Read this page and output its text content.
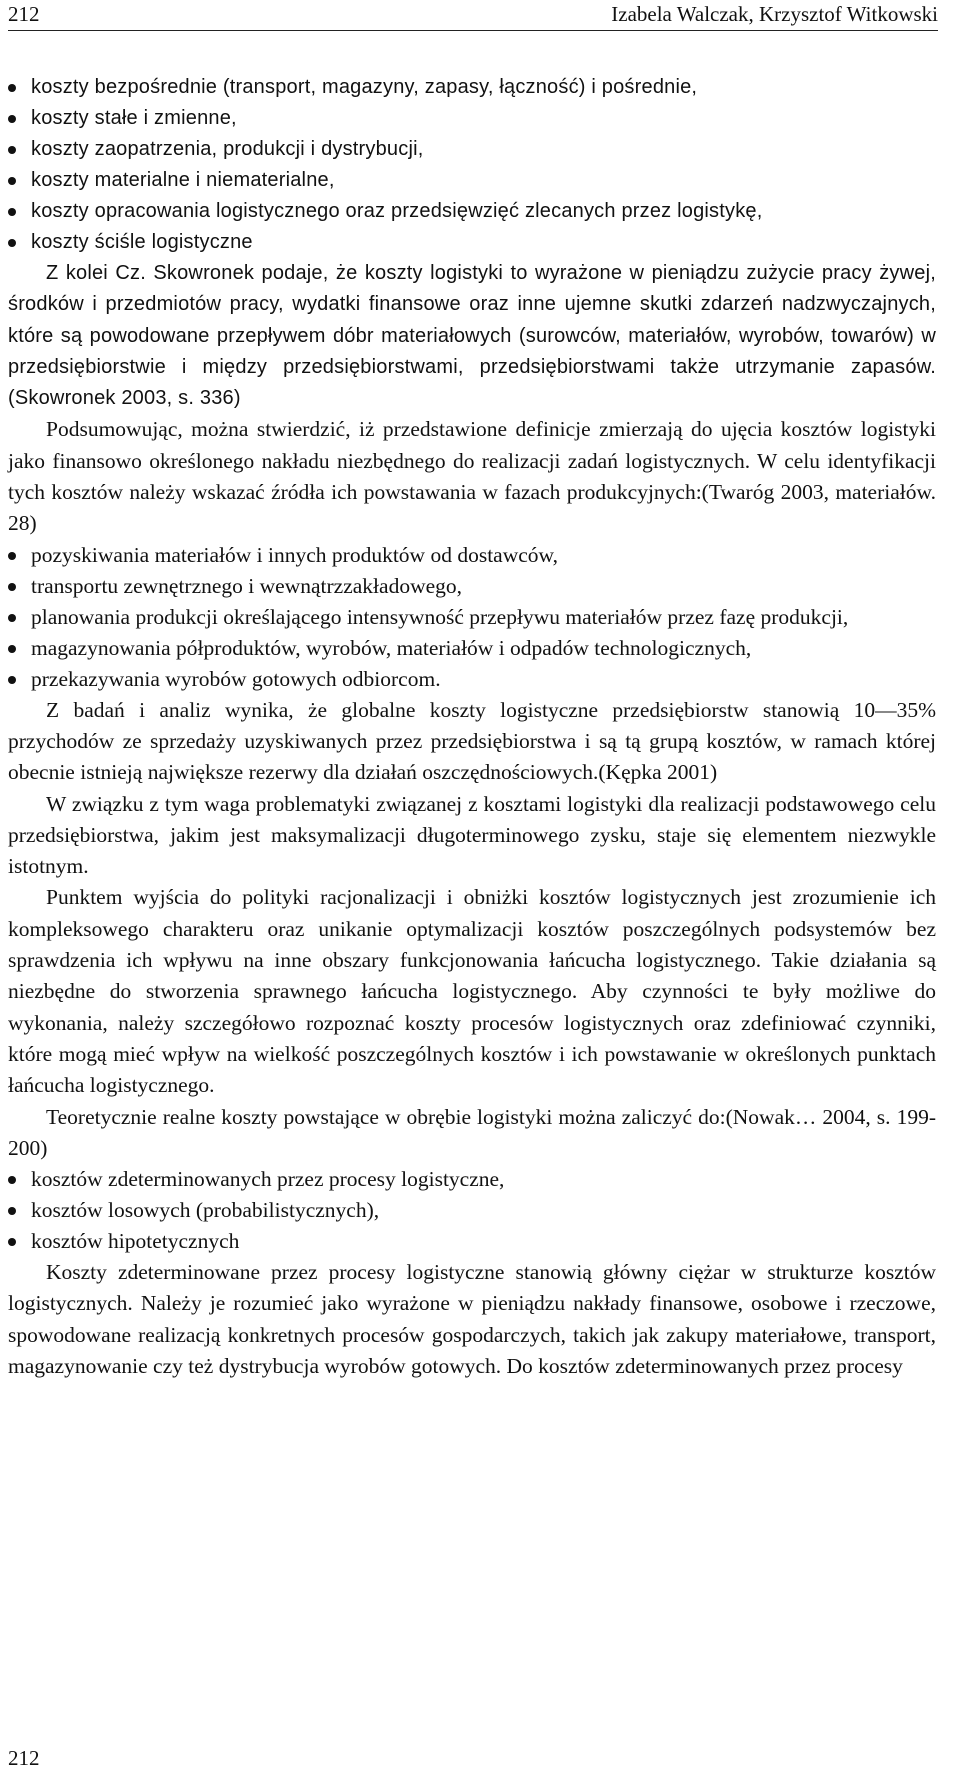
212	Izabela Walczak, Krzysztof Witkowski
koszty bezpośrednie (transport, magazyny, zapasy, łączność) i pośrednie,
koszty stałe i zmienne,
koszty zaopatrzenia, produkcji i dystrybucji,
koszty materialne i niematerialne,
koszty opracowania logistycznego oraz przedsięwzięć zlecanych przez logistykę,
koszty ściśle logistyczne
Z kolei Cz. Skowronek podaje, że koszty logistyki to wyrażone w pieniądzu zużycie pracy żywej, środków i przedmiotów pracy, wydatki finansowe oraz inne ujemne skutki zdarzeń nadzwyczajnych, które są powodowane przepływem dóbr materiałowych (surowców, materiałów, wyrobów, towarów) w przedsiębiorstwie i między przedsiębiorstwami, przedsiębiorstwami także utrzymanie zapasów.(Skowronek 2003, s. 336)
Podsumowując, można stwierdzić, iż przedstawione definicje zmierzają do ujęcia kosztów logistyki jako finansowo określonego nakładu niezbędnego do realizacji zadań logistycznych. W celu identyfikacji tych kosztów należy wskazać źródła ich powstawania w fazach produkcyjnych:(Twaróg 2003, materiałów. 28)
pozyskiwania materiałów i innych produktów od dostawców,
transportu zewnętrznego i wewnątrzzakładowego,
planowania produkcji określającego intensywność przepływu materiałów przez fazę produkcji,
magazynowania półproduktów, wyrobów, materiałów i odpadów technologicznych,
przekazywania wyrobów gotowych odbiorcom.
Z badań i analiz wynika, że globalne koszty logistyczne przedsiębiorstw stanowią 10—35% przychodów ze sprzedaży uzyskiwanych przez przedsiębiorstwa i są tą grupą kosztów, w ramach której obecnie istnieją największe rezerwy dla działań oszczędnościowych.(Kępka 2001)
W związku z tym waga problematyki związanej z kosztami logistyki dla realizacji podstawowego celu przedsiębiorstwa, jakim jest maksymalizacji długoterminowego zysku, staje się elementem niezwykle istotnym.
Punktem wyjścia do polityki racjonalizacji i obniżki kosztów logistycznych jest zrozumienie ich kompleksowego charakteru oraz unikanie optymalizacji kosztów poszczególnych podsystemów bez sprawdzenia ich wpływu na inne obszary funkcjonowania łańcucha logistycznego. Takie działania są niezbędne do stworzenia sprawnego łańcucha logistycznego. Aby czynności te były możliwe do wykonania, należy szczegółowo rozpoznać koszty procesów logistycznych oraz zdefiniować czynniki, które mogą mieć wpływ na wielkość poszczególnych kosztów i ich powstawanie w określonych punktach łańcucha logistycznego.
Teoretycznie realne koszty powstające w obrębie logistyki można zaliczyć do:(Nowak… 2004, s. 199-200)
kosztów zdeterminowanych przez procesy logistyczne,
kosztów losowych (probabilistycznych),
kosztów hipotetycznych
Koszty zdeterminowane przez procesy logistyczne stanowią główny ciężar w strukturze kosztów logistycznych. Należy je rozumieć jako wyrażone w pieniądzu nakłady finansowe, osobowe i rzeczowe, spowodowane realizacją konkretnych procesów gospodarczych, takich jak zakupy materiałowe, transport, magazynowanie czy też dystrybucja wyrobów gotowych. Do kosztów zdeterminowanych przez procesy
212
